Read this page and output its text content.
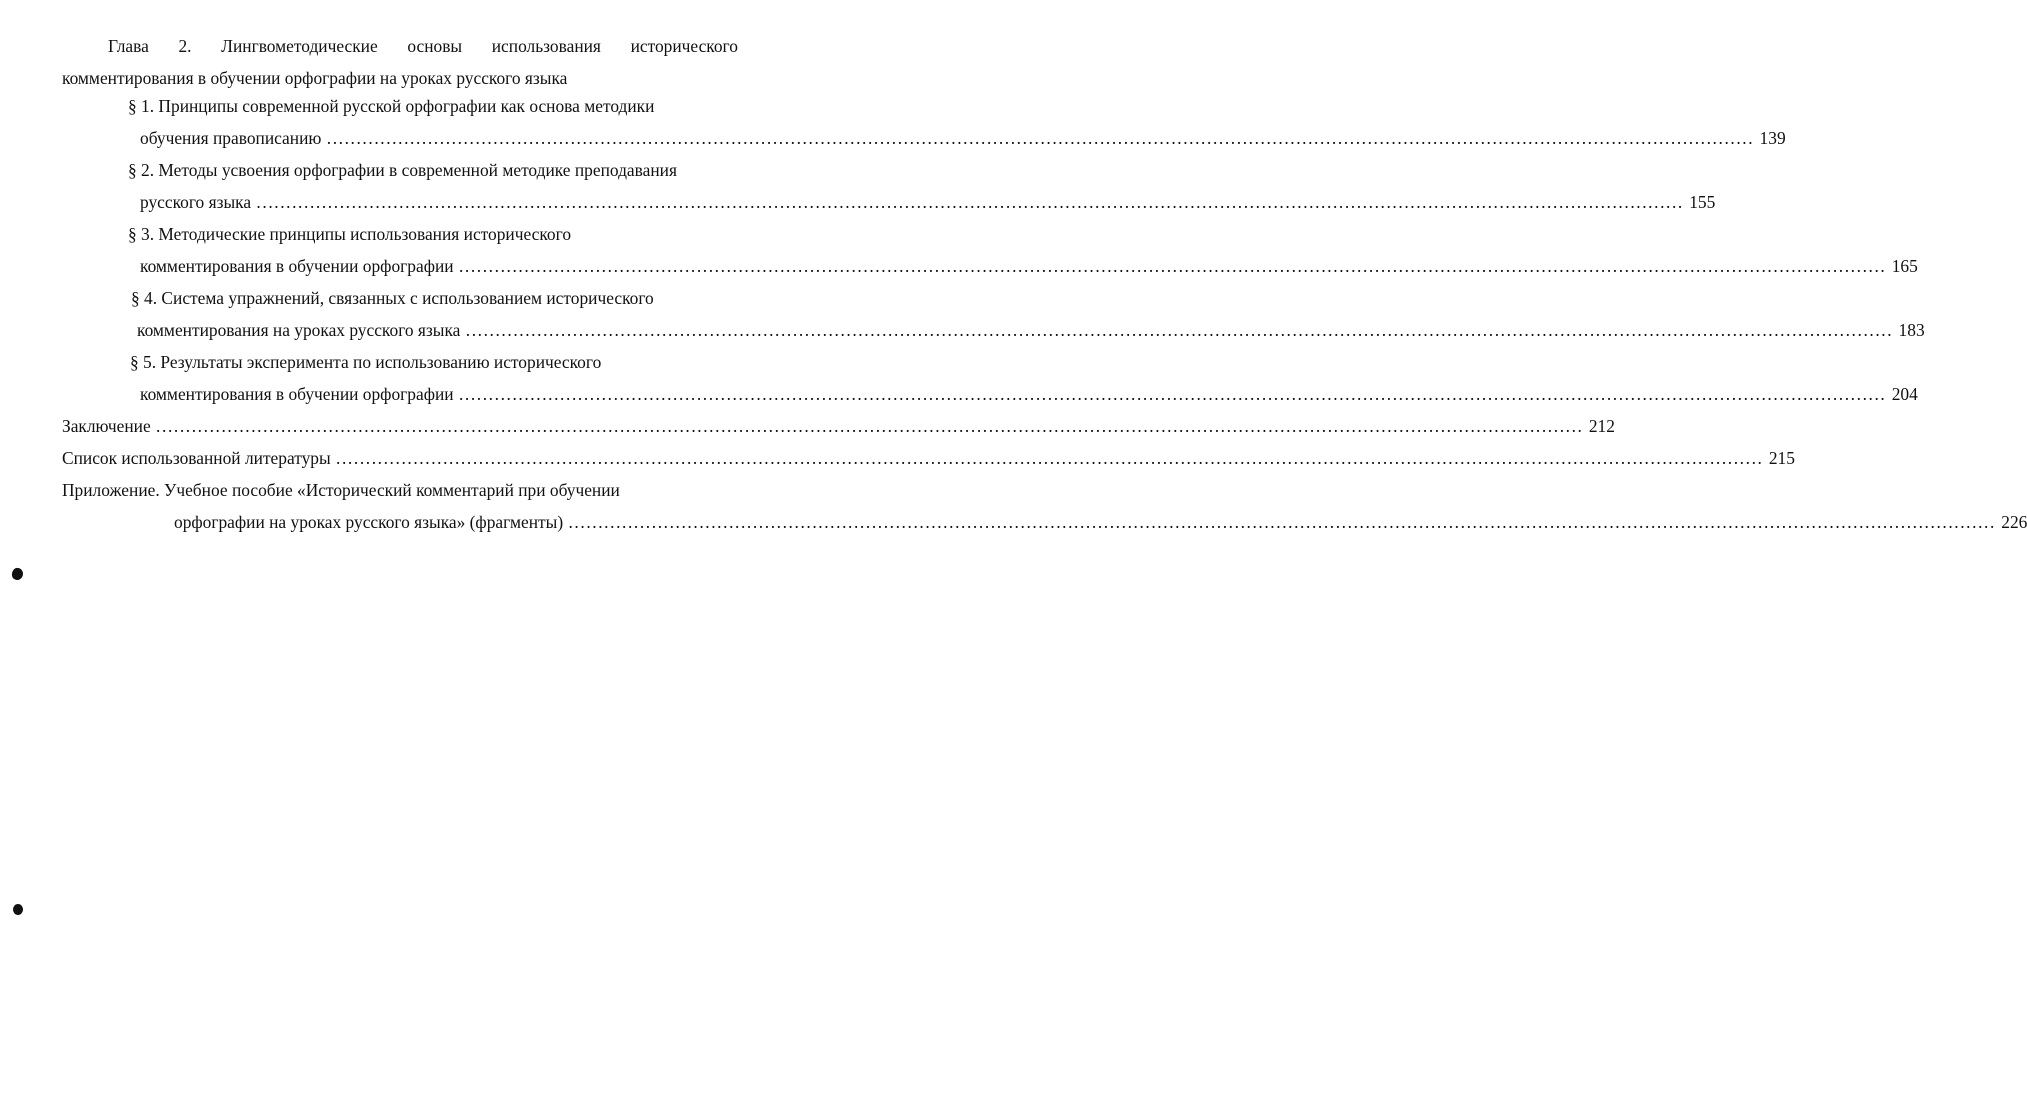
Глава 2. Лингвометодические основы использования исторического
комментирования в обучении орфографии на уроках русского языка
§ 1. Принципы современной русской орфографии как основа методики
обучения правописанию .....	139
§ 2. Методы усвоения орфографии в современной методике преподавания
русского языка .....	155
§ 3. Методические принципы использования исторического
комментирования в обучении орфографии .....	165
§ 4. Система упражнений, связанных с использованием исторического
комментирования на уроках русского языка .....	183
§ 5. Результаты эксперимента по использованию исторического
комментирования в обучении орфографии .....	204
Заключение .....	212
Список использованной литературы .....	215
Приложение. Учебное пособие «Исторический комментарий при обучении
орфографии на уроках русского языка» (фрагменты) .....	226
